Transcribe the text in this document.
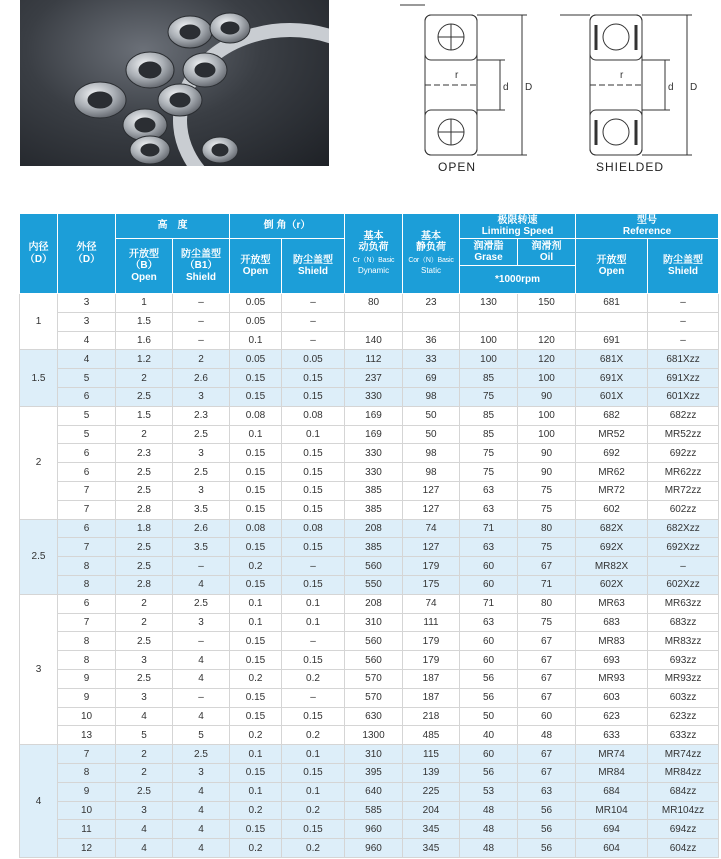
r
d D
r
d D
OPEN	SHIELDED
内径
（D）	外径
（D）	高　度		倒 角（r）		基本
动负荷
Cr（N）Basic
Dynamic	基本
静负荷
Cor（N）Basic
Static	极限转速
Limiting Speed		型号
Reference	
		开放型
（B）
Open	防尘盖型
（B1）
Shield	开放型
Open	防尘盖型
Shield			润滑脂
Grase	润滑剂
Oil	开放型
Open	防尘盖型
Shield
								*1000rpm			
1	3	1	–	0.05	–	80	23	130	150	681	–
	3	1.5	–	0.05	–						–
	4	1.6	–	0.1	–	140	36	100	120	691	–
1.5	4	1.2	2	0.05	0.05	112	33	100	120	681X	681Xzz
	5	2	2.6	0.15	0.15	237	69	85	100	691X	691Xzz
	6	2.5	3	0.15	0.15	330	98	75	90	601X	601Xzz
2	5	1.5	2.3	0.08	0.08	169	50	85	100	682	682zz
	5	2	2.5	0.1	0.1	169	50	85	100	MR52	MR52zz
	6	2.3	3	0.15	0.15	330	98	75	90	692	692zz
	6	2.5	2.5	0.15	0.15	330	98	75	90	MR62	MR62zz
	7	2.5	3	0.15	0.15	385	127	63	75	MR72	MR72zz
	7	2.8	3.5	0.15	0.15	385	127	63	75	602	602zz
2.5	6	1.8	2.6	0.08	0.08	208	74	71	80	682X	682Xzz
	7	2.5	3.5	0.15	0.15	385	127	63	75	692X	692Xzz
	8	2.5	–	0.2	–	560	179	60	67	MR82X	–
	8	2.8	4	0.15	0.15	550	175	60	71	602X	602Xzz
3	6	2	2.5	0.1	0.1	208	74	71	80	MR63	MR63zz
	7	2	3	0.1	0.1	310	111	63	75	683	683zz
	8	2.5	–	0.15	–	560	179	60	67	MR83	MR83zz
	8	3	4	0.15	0.15	560	179	60	67	693	693zz
	9	2.5	4	0.2	0.2	570	187	56	67	MR93	MR93zz
	9	3	–	0.15	–	570	187	56	67	603	603zz
	10	4	4	0.15	0.15	630	218	50	60	623	623zz
	13	5	5	0.2	0.2	1300	485	40	48	633	633zz
4	7	2	2.5	0.1	0.1	310	115	60	67	MR74	MR74zz
	8	2	3	0.15	0.15	395	139	56	67	MR84	MR84zz
	9	2.5	4	0.1	0.1	640	225	53	63	684	684zz
	10	3	4	0.2	0.2	585	204	48	56	MR104	MR104zz
	11	4	4	0.15	0.15	960	345	48	56	694	694zz
	12	4	4	0.2	0.2	960	345	48	56	604	604zz
